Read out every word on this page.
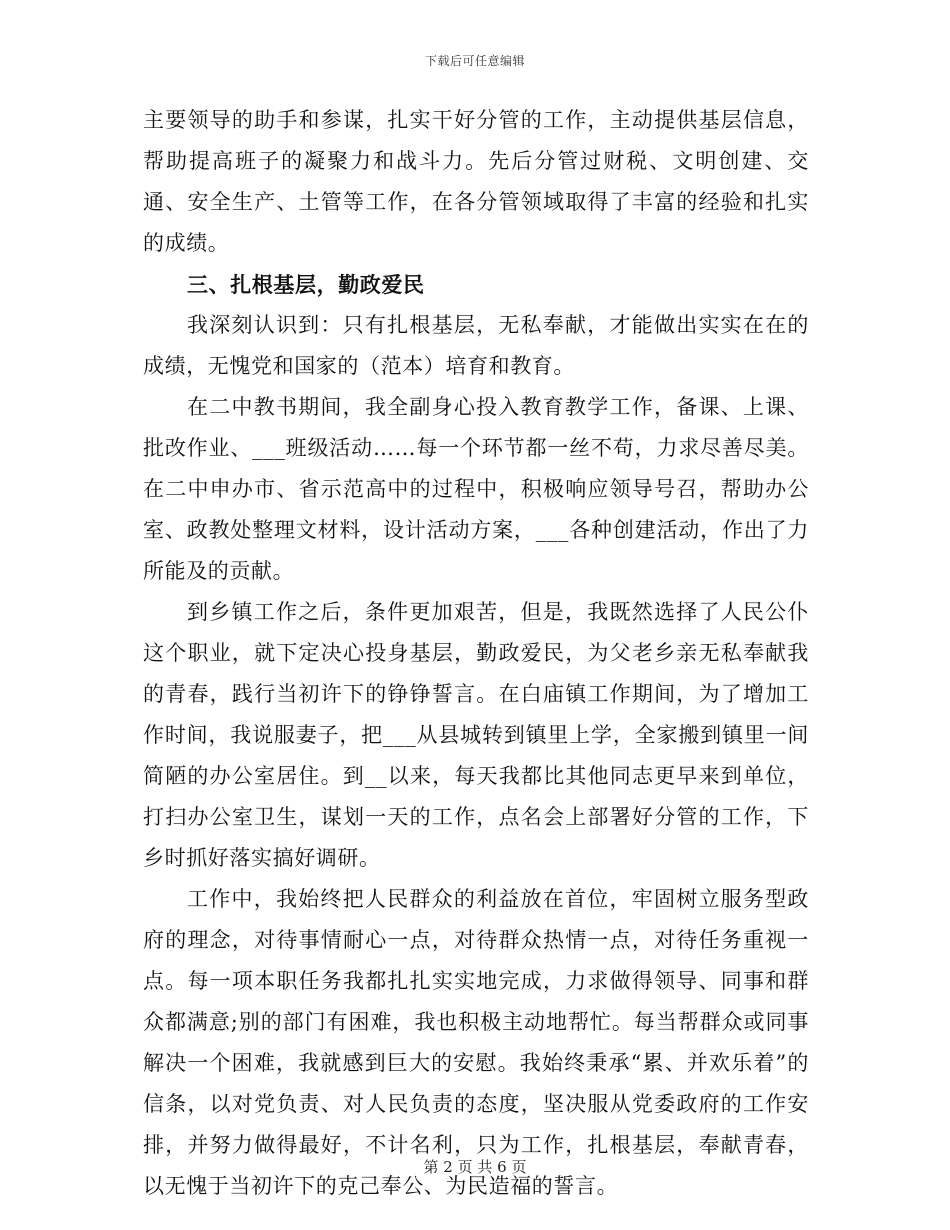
下载后可任意编辑

主要领导的助手和参谋，扎实干好分管的工作，主动提供基层信息，帮助提高班子的凝聚力和战斗力。先后分管过财税、文明创建、交通、安全生产、土管等工作，在各分管领域取得了丰富的经验和扎实的成绩。

三、扎根基层，勤政爱民

我深刻认识到：只有扎根基层，无私奉献，才能做出实实在在的成绩，无愧党和国家的（范本）培育和教育。

在二中教书期间，我全副身心投入教育教学工作，备课、上课、批改作业、___班级活动……每一个环节都一丝不苟，力求尽善尽美。在二中申办市、省示范高中的过程中，积极响应领导号召，帮助办公室、政教处整理文材料，设计活动方案，___各种创建活动，作出了力所能及的贡献。

到乡镇工作之后，条件更加艰苦，但是，我既然选择了人民公仆这个职业，就下定决心投身基层，勤政爱民，为父老乡亲无私奉献我的青春，践行当初许下的铮铮誓言。在白庙镇工作期间，为了增加工作时间，我说服妻子，把___从县城转到镇里上学，全家搬到镇里一间简陋的办公室居住。到__以来，每天我都比其他同志更早来到单位，打扫办公室卫生，谋划一天的工作，点名会上部署好分管的工作，下乡时抓好落实搞好调研。

工作中，我始终把人民群众的利益放在首位，牢固树立服务型政府的理念，对待事情耐心一点，对待群众热情一点，对待任务重视一点。每一项本职任务我都扎扎实实地完成，力求做得领导、同事和群众都满意;别的部门有困难，我也积极主动地帮忙。每当帮群众或同事解决一个困难，我就感到巨大的安慰。我始终秉承“累、并欢乐着”的信条，以对党负责、对人民负责的态度，坚决服从党委政府的工作安排，并努力做得最好，不计名利，只为工作，扎根基层，奉献青春，以无愧于当初许下的克己奉公、为民造福的誓言。

第 2 页 共 6 页
